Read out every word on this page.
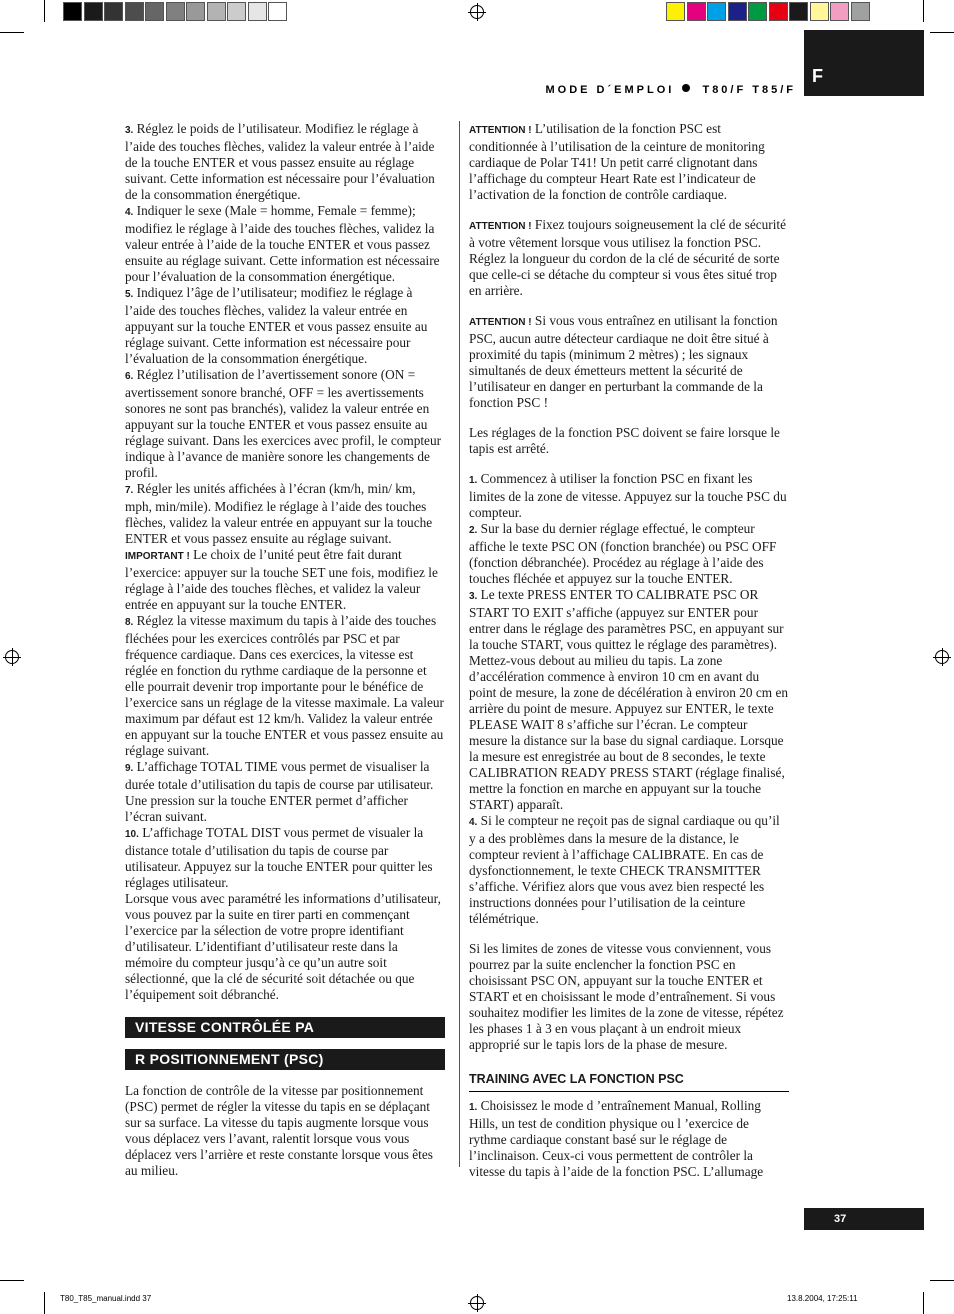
F
MODE D´EMPLOI	T80/F T85/F

3. Réglez le poids de l’utilisateur. Modifiez le réglage à l’aide des touches flèches, validez la valeur entrée à l’aide de la touche ENTER et vous passez ensuite au réglage suivant. Cette information est nécessaire pour l’évaluation de la consommation énergétique.

4. Indiquer le sexe (Male = homme, Female = femme); modifiez le réglage à l’aide des touches flèches, validez la valeur entrée à l’aide de la touche ENTER et vous passez ensuite au réglage suivant. Cette information est nécessaire pour l’évaluation de la consommation énergétique.

5. Indiquez l’âge de l’utilisateur; modifiez le réglage à l’aide des touches flèches, validez la valeur entrée en appuyant sur la touche ENTER et vous passez ensuite au réglage suivant. Cette information est nécessaire pour l’évaluation de la consommation énergétique.

6. Réglez l’utilisation de l’avertissement sonore (ON = avertissement sonore branché, OFF = les avertissements sonores ne sont pas branchés), validez la valeur entrée en appuyant sur la touche ENTER et vous passez ensuite au réglage suivant. Dans les exercices avec profil, le compteur indique à l’avance de manière sonore les changements de profil.

7. Régler les unités affichées à l’écran (km/h, min/ km, mph, min/mile). Modifiez le réglage à l’aide des touches flèches, validez la valeur entrée en appuyant sur la touche ENTER et vous passez ensuite au réglage suivant. IMPORTANT ! Le choix de l’unité peut être fait durant l’exercice: appuyer sur la touche SET une fois, modifiez le réglage à l’aide des touches flèches, et validez la valeur entrée en appuyant sur la touche ENTER.

8. Réglez la vitesse maximum du tapis à l’aide des touches fléchées pour les exercices contrôlés par PSC et par fréquence cardiaque. Dans ces exercices, la vitesse est réglée en fonction du rythme cardiaque de la personne et elle pourrait devenir trop importante pour le bénéfice de l’exercice sans un réglage de la vitesse maximale. La valeur maximum par défaut est 12 km/h. Validez la valeur entrée en appuyant sur la touche ENTER et vous passez ensuite au réglage suivant.

9. L’affichage TOTAL TIME vous permet de visualiser la durée totale d’utilisation du tapis de course par utilisateur. Une pression sur la touche ENTER permet d’afficher l’écran suivant.

10. L’affichage TOTAL DIST vous permet de visualer la distance totale d’utilisation du tapis de course par utilisateur. Appuyez sur la touche ENTER pour quitter les réglages utilisateur.

Lorsque vous avec paramétré les informations d’utilisateur, vous pouvez par la suite en tirer parti en commençant l’exercice par la sélection de votre propre identifiant d’utilisateur. L’identifiant d’utilisateur reste dans la mémoire du compteur jusqu’à ce qu’un autre soit sélectionné, que la clé de sécurité soit détachée ou que l’équipement soit débranché.

VITESSE CONTRÔLÉE PA
R POSITIONNEMENT (PSC)

La fonction de contrôle de la vitesse par positionnement (PSC) permet de régler la vitesse du tapis en se déplaçant sur sa surface. La vitesse du tapis augmente lorsque vous vous déplacez vers l’avant, ralentit lorsque vous vous déplacez vers l’arrière et reste constante lorsque vous êtes au milieu.

ATTENTION ! L’utilisation de la fonction PSC est conditionnée à l’utilisation de la ceinture de monitoring cardiaque de Polar T41! Un petit carré clignotant dans l’affichage du compteur Heart Rate est l’indicateur de l’activation de la fonction de contrôle cardiaque.

ATTENTION ! Fixez toujours soigneusement la clé de sécurité à votre vêtement lorsque vous utilisez la fonction PSC. Réglez la longueur du cordon de la clé de sécurité de sorte que celle-ci se détache du compteur si vous êtes situé trop en arrière.

ATTENTION ! Si vous vous entraînez en utilisant la fonction PSC, aucun autre détecteur cardiaque ne doit être situé à proximité du tapis (minimum 2 mètres) ; les signaux simultanés de deux émetteurs mettent la sécurité de l’utilisateur en danger en perturbant la commande de la fonction PSC !

Les réglages de la fonction PSC doivent se faire lorsque le tapis est arrêté.

1. Commencez à utiliser la fonction PSC en fixant les limites de la zone de vitesse. Appuyez sur la touche PSC du compteur.

2. Sur la base du dernier réglage effectué, le compteur affiche le texte PSC ON (fonction branchée) ou PSC OFF (fonction débranchée). Procédez au réglage à l’aide des touches fléchée et appuyez sur la touche ENTER.

3. Le texte PRESS ENTER TO CALIBRATE PSC OR START TO EXIT s’affiche (appuyez sur ENTER pour entrer dans le réglage des paramètres PSC, en appuyant sur la touche START, vous quittez le réglage des paramètres). Mettez-vous debout au milieu du tapis. La zone d’accélération commence à environ 10 cm en avant du point de mesure, la zone de décélération à environ 20 cm en arrière du point de mesure. Appuyez sur ENTER, le texte PLEASE WAIT 8 s’affiche sur l’écran. Le compteur mesure la distance sur la base du signal cardiaque. Lorsque la mesure est enregistrée au bout de 8 secondes, le texte CALIBRATION READY PRESS START (réglage finalisé, mettre la fonction en marche en appuyant sur la touche START) apparaît.

4. Si le compteur ne reçoit pas de signal cardiaque ou qu’il y a des problèmes dans la mesure de la distance, le compteur revient à l’affichage CALIBRATE. En cas de dysfonctionnement, le texte CHECK TRANSMITTER s’affiche. Vérifiez alors que vous avez bien respecté les instructions données pour l’utilisation de la ceinture télémétrique.

Si les limites de zones de vitesse vous conviennent, vous pourrez par la suite enclencher la fonction PSC en choisissant PSC ON, appuyant sur la touche ENTER et START et en choisissant le mode d’entraînement. Si vous souhaitez modifier les limites de la zone de vitesse, répétez les phases 1 à 3 en vous plaçant à un endroit mieux approprié sur le tapis lors de la phase de mesure.

TRAINING AVEC LA FONCTION PSC

1. Choisissez le mode d ’entraînement Manual, Rolling Hills, un test de condition physique ou l ’exercice de rythme cardiaque constant basé sur le réglage de l’inclinaison. Ceux-ci vous permettent de contrôler la vitesse du tapis à l’aide de la fonction PSC. L’allumage

37
T80_T85_manual.indd 37	13.8.2004, 17:25:11
